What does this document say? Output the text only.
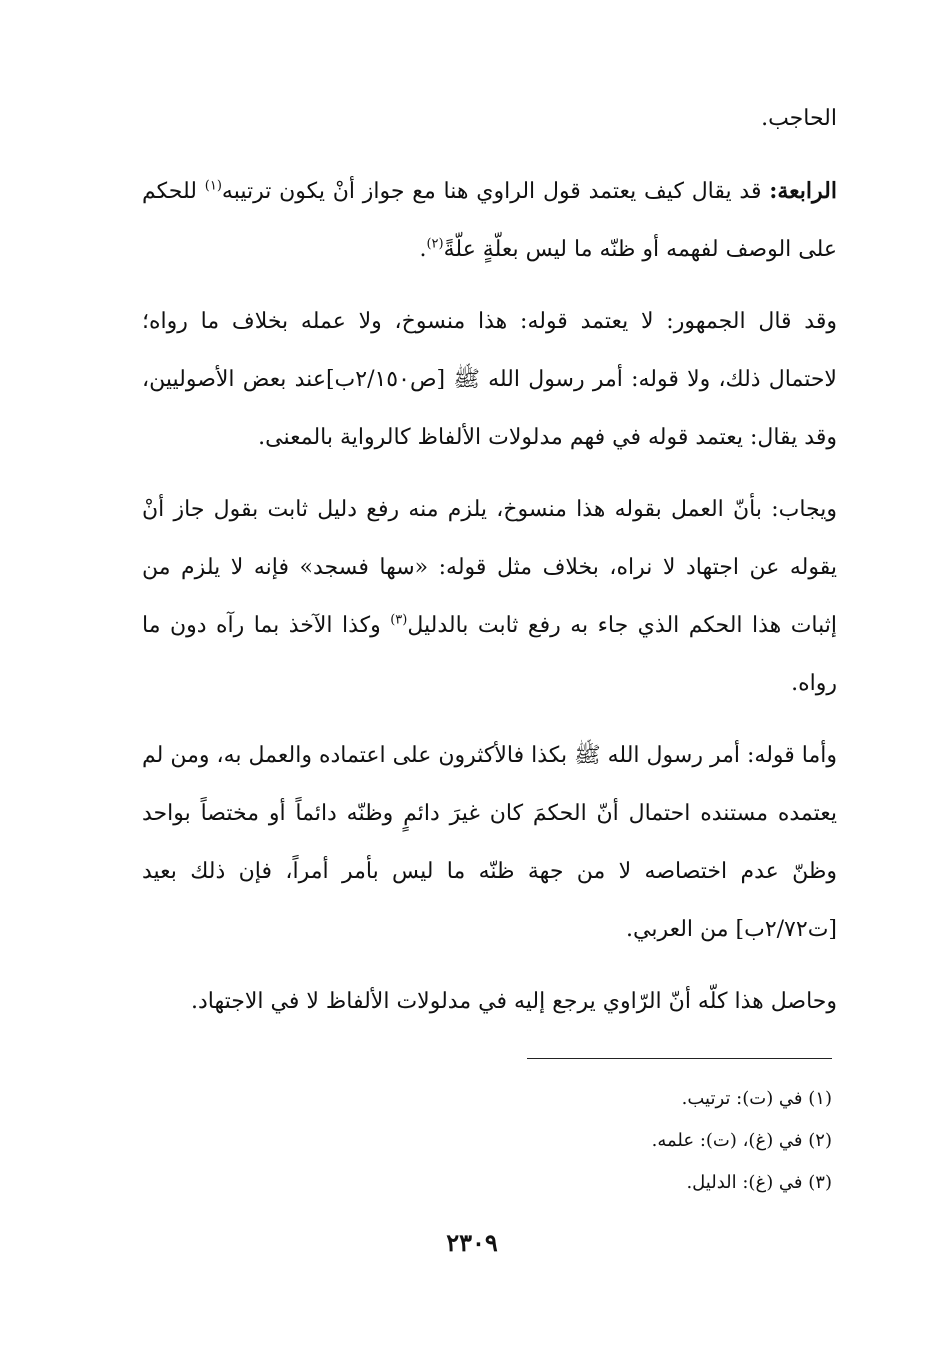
الحاجب.

الرابعة: قد يقال كيف يعتمد قول الراوي هنا مع جواز أنْ يكون ترتيبه$^{(١)}$ للحكم على الوصف لفهمه أو ظنّه ما ليس بعلّةٍ علّةً$^{(٢)}$.

وقد قال الجمهور: لا يعتمد قوله: هذا منسوخ، ولا عمله بخلاف ما رواه؛ لاحتمال ذلك، ولا قوله: أمر رسول الله ﷺ [ص٢/١٥٠ب]عند بعض الأصوليين، وقد يقال: يعتمد قوله في فهم مدلولات الألفاظ كالرواية بالمعنى.

ويجاب: بأنّ العمل بقوله هذا منسوخ، يلزم منه رفع دليل ثابت بقول جاز أنْ يقوله عن اجتهاد لا نراه، بخلاف مثل قوله: «سها فسجد» فإنه لا يلزم من إثبات هذا الحكم الذي جاء به رفع ثابت بالدليل$^{(٣)}$ وكذا الآخذ بما رآه دون ما رواه.

وأما قوله: أمر رسول الله ﷺ بكذا فالأكثرون على اعتماده والعمل به، ومن لم يعتمده مستنده احتمال أنّ الحكمَ كان غيرَ دائمٍ وظنّه دائماً أو مختصاً بواحد وظنّ عدم اختصاصه لا من جهة ظنّه ما ليس بأمر أمراً، فإن ذلك بعيد [ت٢/٧٢ب] من العربي.

وحاصل هذا كلّه أنّ الرّاوي يرجع إليه في مدلولات الألفاظ لا في الاجتهاد.

(١) في (ت): ترتيب.

(٢) في (غ)، (ت): علمه.

(٣) في (غ): الدليل.

٢٣٠٩
